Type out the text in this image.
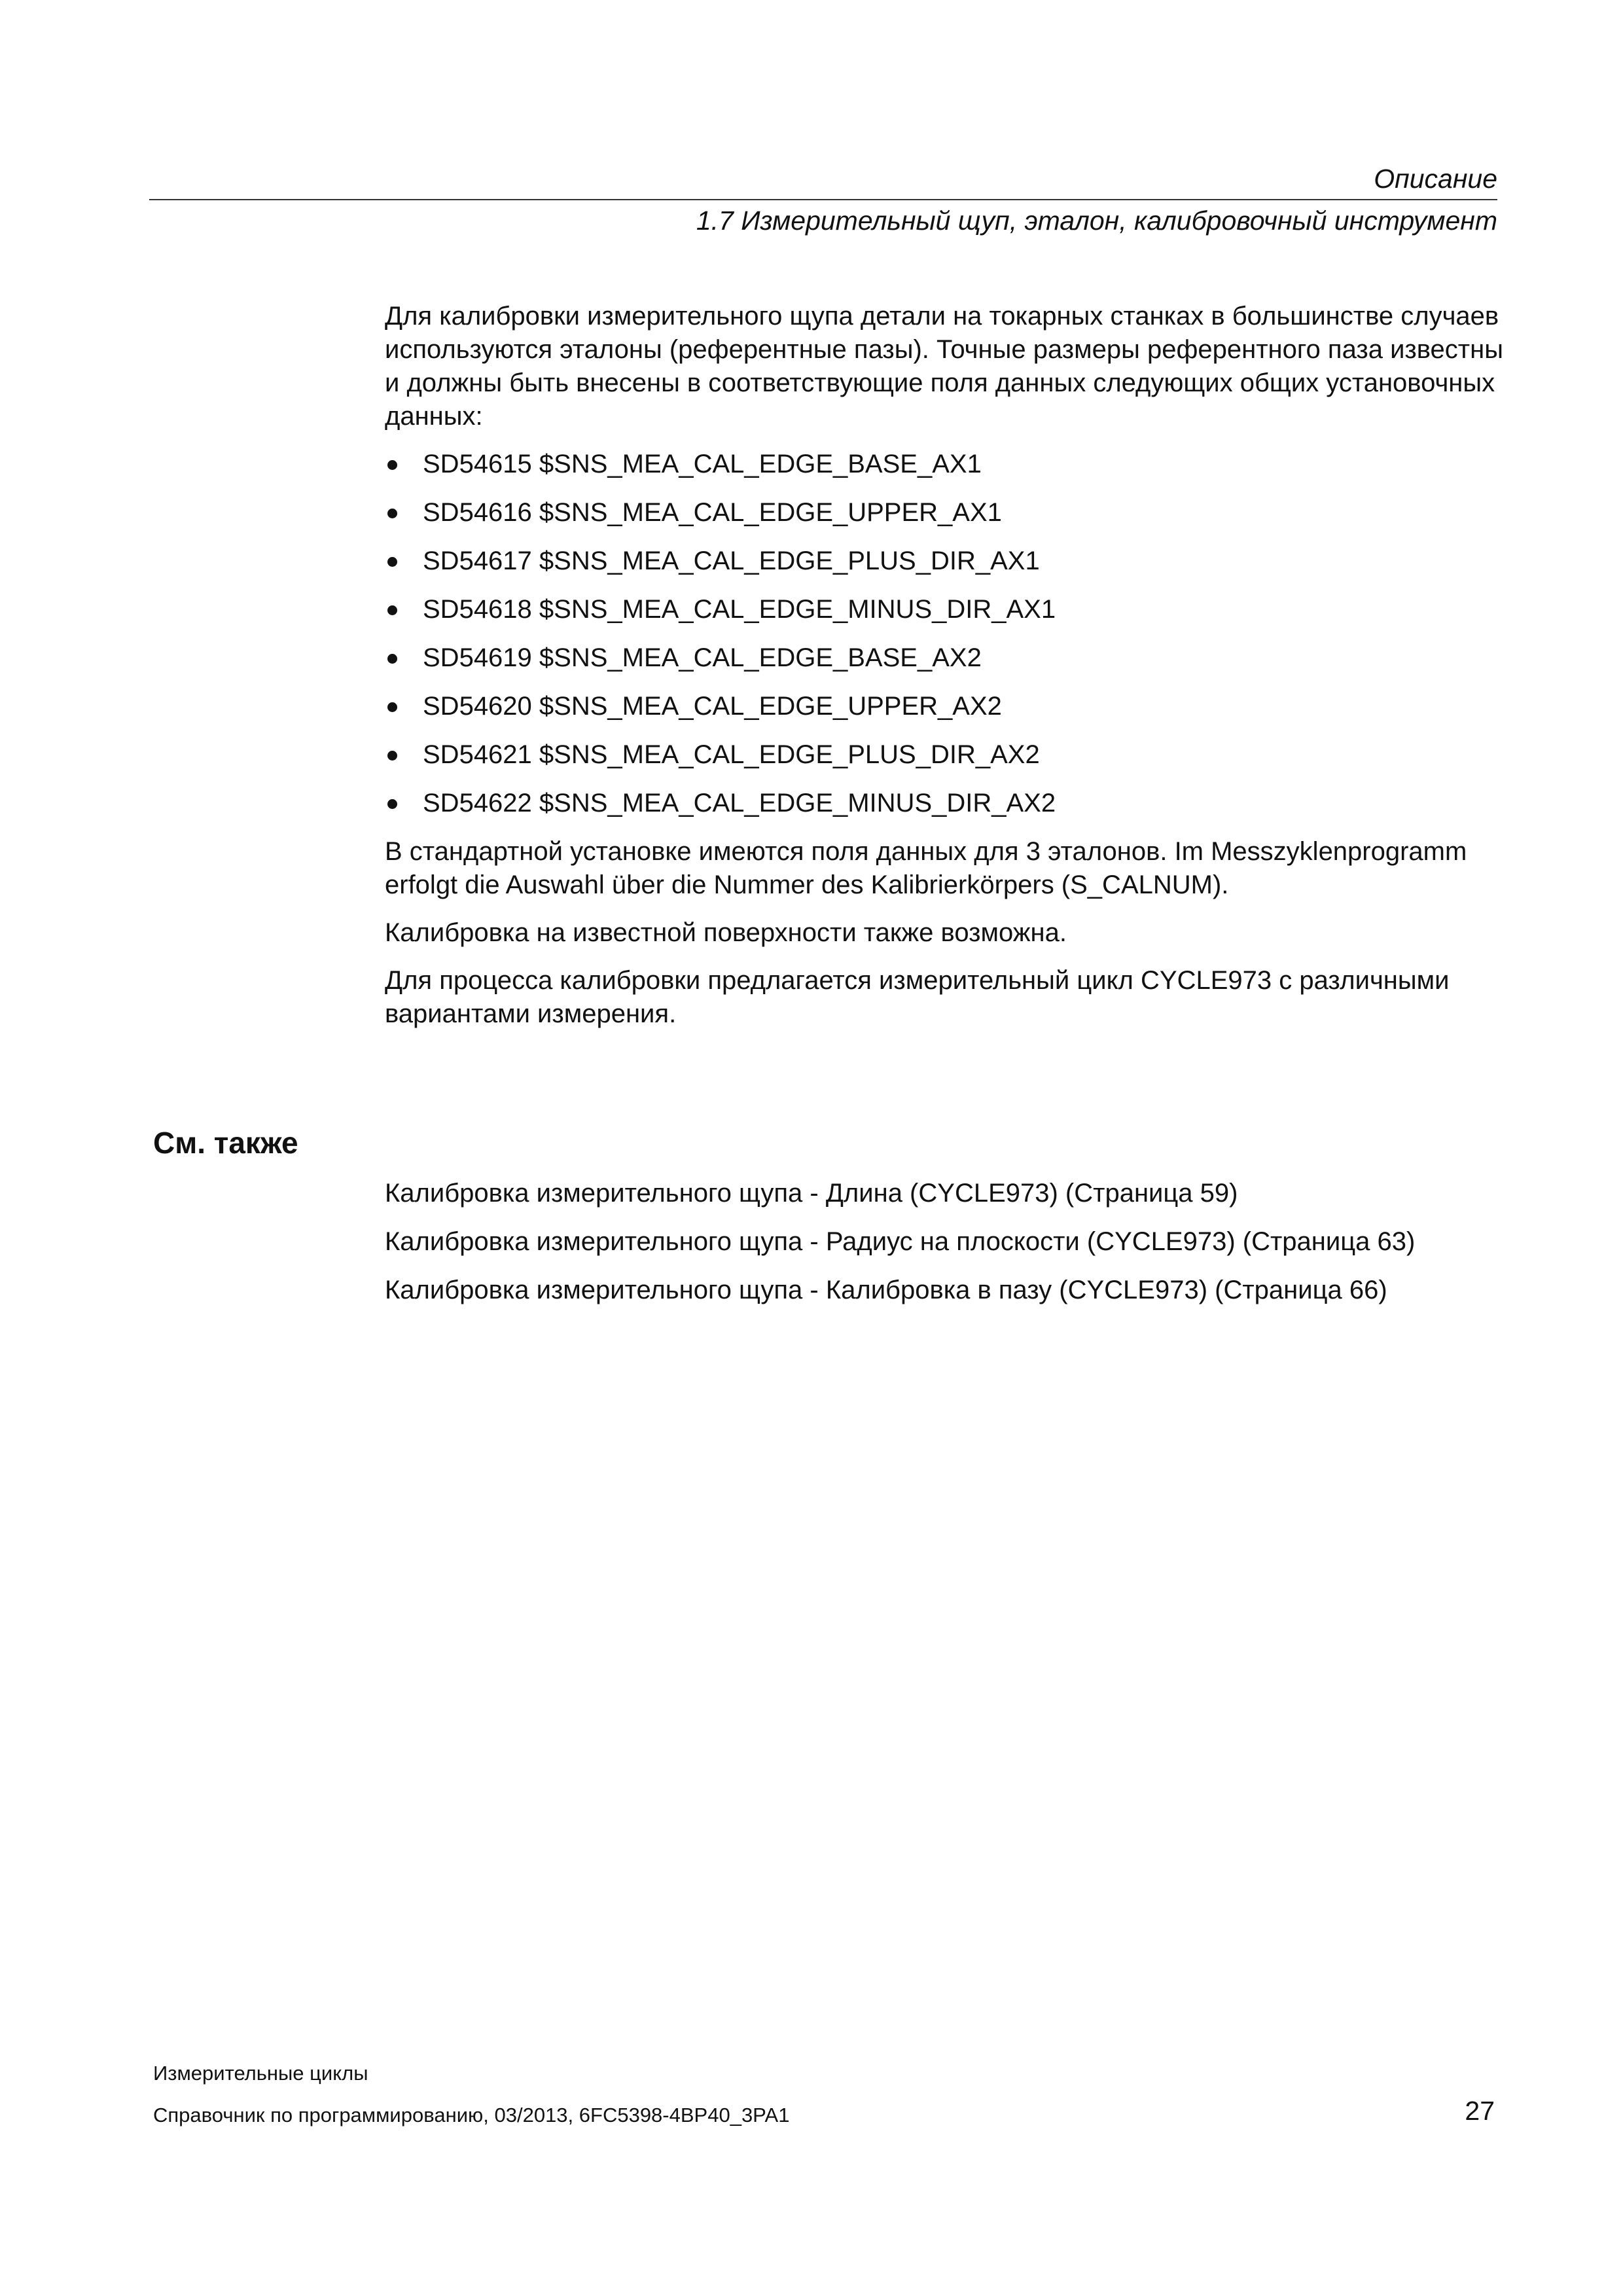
Описание
1.7 Измерительный щуп, эталон, калибровочный инструмент

Для калибровки измерительного щупа детали на токарных станках в большинстве случаев используются эталоны (референтные пазы). Точные размеры референтного паза известны и должны быть внесены в соответствующие поля данных следующих общих установочных данных:

SD54615 $SNS_MEA_CAL_EDGE_BASE_AX1
SD54616 $SNS_MEA_CAL_EDGE_UPPER_AX1
SD54617 $SNS_MEA_CAL_EDGE_PLUS_DIR_AX1
SD54618 $SNS_MEA_CAL_EDGE_MINUS_DIR_AX1
SD54619 $SNS_MEA_CAL_EDGE_BASE_AX2
SD54620 $SNS_MEA_CAL_EDGE_UPPER_AX2
SD54621 $SNS_MEA_CAL_EDGE_PLUS_DIR_AX2
SD54622 $SNS_MEA_CAL_EDGE_MINUS_DIR_AX2

В стандартной установке имеются поля данных для 3 эталонов. Im Messzyklenprogramm erfolgt die Auswahl über die Nummer des Kalibrierkörpers (S_CALNUM).

Калибровка на известной поверхности также возможна.

Для процесса калибровки предлагается измерительный цикл CYCLE973 с различными вариантами измерения.

См. также
Калибровка измерительного щупа - Длина (CYCLE973) (Страница 59)
Калибровка измерительного щупа - Радиус на плоскости (CYCLE973) (Страница 63)
Калибровка измерительного щупа - Калибровка в пазу (CYCLE973) (Страница 66)
Измерительные циклы
Справочник по программированию, 03/2013, 6FC5398-4BP40_3PA1	27
